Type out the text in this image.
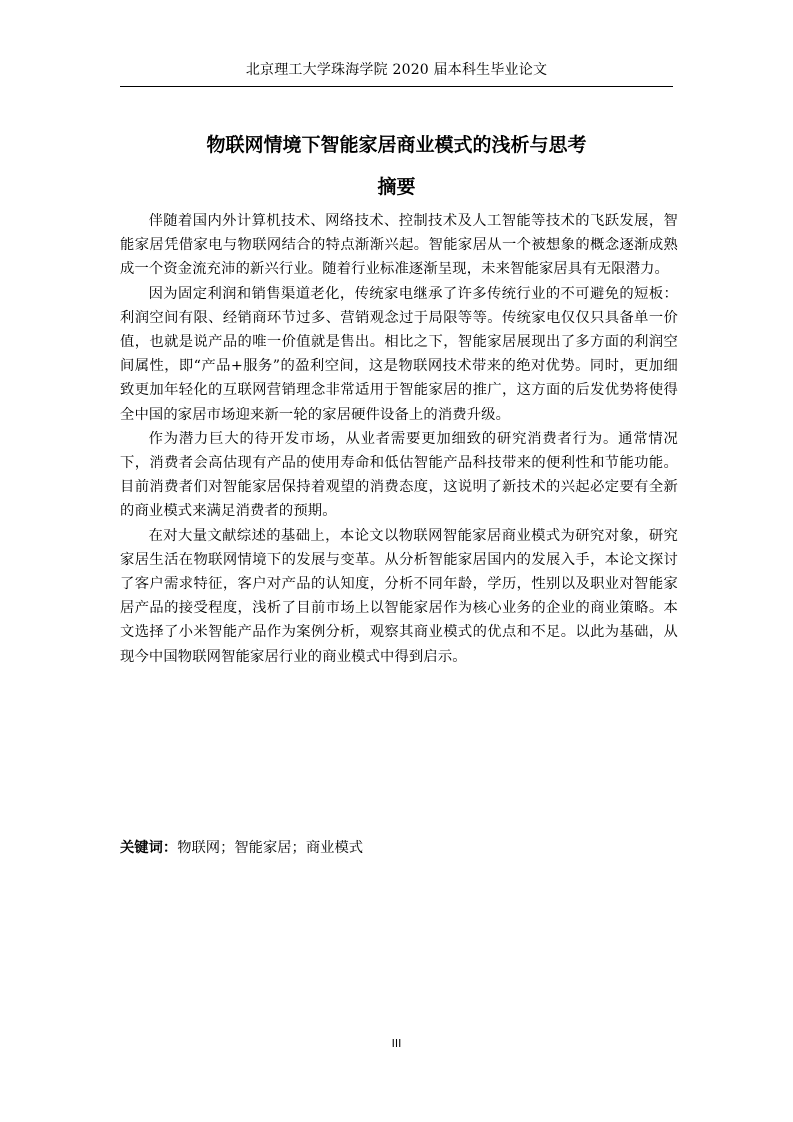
北京理工大学珠海学院 2020 届本科生毕业论文
物联网情境下智能家居商业模式的浅析与思考
摘要

伴随着国内外计算机技术、网络技术、控制技术及人工智能等技术的飞跃发展，智能家居凭借家电与物联网结合的特点渐渐兴起。智能家居从一个被想象的概念逐渐成熟成一个资金流充沛的新兴行业。随着行业标准逐渐呈现，未来智能家居具有无限潜力。

因为固定利润和销售渠道老化，传统家电继承了许多传统行业的不可避免的短板：利润空间有限、经销商环节过多、营销观念过于局限等等。传统家电仅仅只具备单一价值，也就是说产品的唯一价值就是售出。相比之下，智能家居展现出了多方面的利润空间属性，即“产品+服务”的盈利空间，这是物联网技术带来的绝对优势。同时，更加细致更加年轻化的互联网营销理念非常适用于智能家居的推广，这方面的后发优势将使得全中国的家居市场迎来新一轮的家居硬件设备上的消费升级。

作为潜力巨大的待开发市场，从业者需要更加细致的研究消费者行为。通常情况下，消费者会高估现有产品的使用寿命和低估智能产品科技带来的便利性和节能功能。目前消费者们对智能家居保持着观望的消费态度，这说明了新技术的兴起必定要有全新的商业模式来满足消费者的预期。

在对大量文献综述的基础上，本论文以物联网智能家居商业模式为研究对象，研究家居生活在物联网情境下的发展与变革。从分析智能家居国内的发展入手，本论文探讨了客户需求特征，客户对产品的认知度，分析不同年龄，学历，性别以及职业对智能家居产品的接受程度，浅析了目前市场上以智能家居作为核心业务的企业的商业策略。本文选择了小米智能产品作为案例分析，观察其商业模式的优点和不足。以此为基础，从现今中国物联网智能家居行业的商业模式中得到启示。

关键词：物联网；智能家居；商业模式
III
